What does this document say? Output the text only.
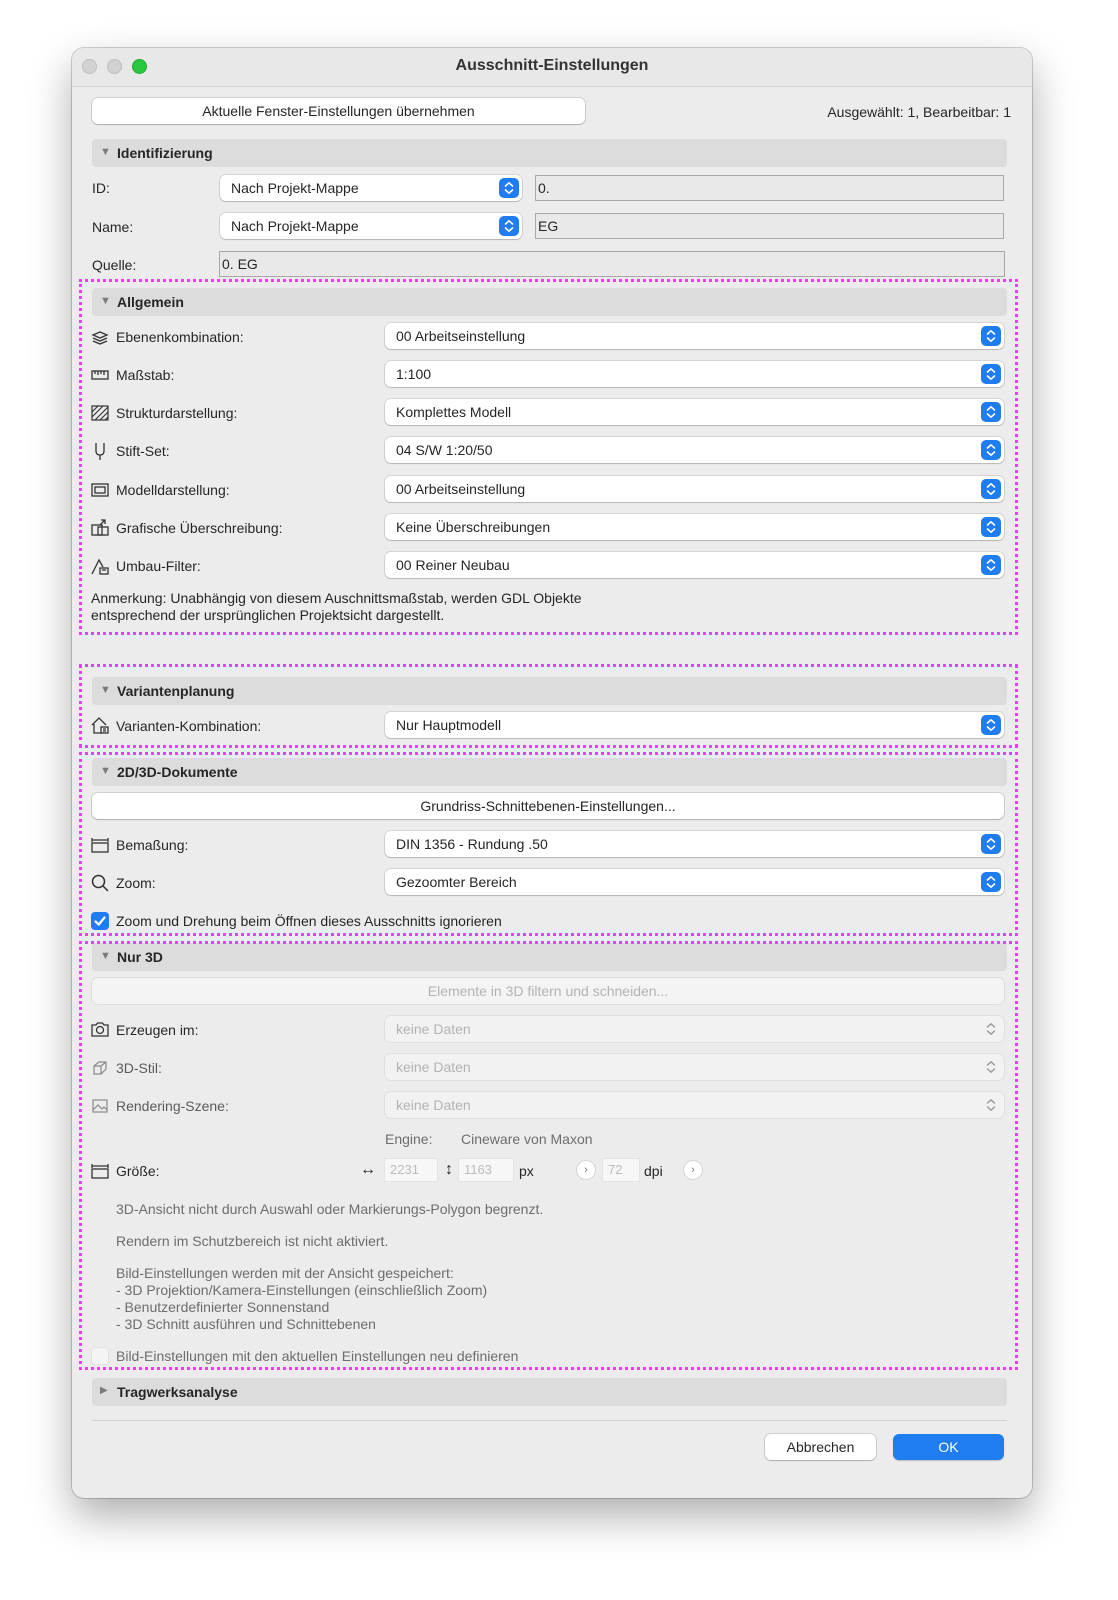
Ausschnitt-Einstellungen
Aktuelle Fenster-Einstellungen übernehmen	Ausgewählt: 1, Bearbeitbar: 1
▼ Identifizierung
ID:	Nach Projekt-Mappe	0.
Name:	Nach Projekt-Mappe	EG
Quelle:	0. EG
▼ Allgemein
Ebenenkombination:	00 Arbeitseinstellung
Maßstab:	1:100
Strukturdarstellung:	Komplettes Modell
Stift-Set:	04 S/W 1:20/50
Modelldarstellung:	00 Arbeitseinstellung
Grafische Überschreibung:	Keine Überschreibungen
Umbau-Filter:	00 Reiner Neubau
Anmerkung: Unabhängig von diesem Auschnittsmaßstab, werden GDL Objekte
entsprechend der ursprünglichen Projektsicht dargestellt.
▼ Variantenplanung
Varianten-Kombination:	Nur Hauptmodell
▼ 2D/3D-Dokumente
Grundriss-Schnittebenen-Einstellungen...
Bemaßung:	DIN 1356 - Rundung .50
Zoom:	Gezoomter Bereich
Zoom und Drehung beim Öffnen dieses Ausschnitts ignorieren
▼ Nur 3D
Elemente in 3D filtern und schneiden...
Erzeugen im:	keine Daten
3D-Stil:	keine Daten
Rendering-Szene:	keine Daten
Engine: Cineware von Maxon
Größe:	↔	2231	↕ 1163	px	›	72	dpi	›
3D-Ansicht nicht durch Auswahl oder Markierungs-Polygon begrenzt.
Rendern im Schutzbereich ist nicht aktiviert.
Bild-Einstellungen werden mit der Ansicht gespeichert:
- 3D Projektion/Kamera-Einstellungen (einschließlich Zoom)
- Benutzerdefinierter Sonnenstand
- 3D Schnitt ausführen und Schnittebenen
Bild-Einstellungen mit den aktuellen Einstellungen neu definieren
▶ Tragwerksanalyse
Abbrechen	OK
